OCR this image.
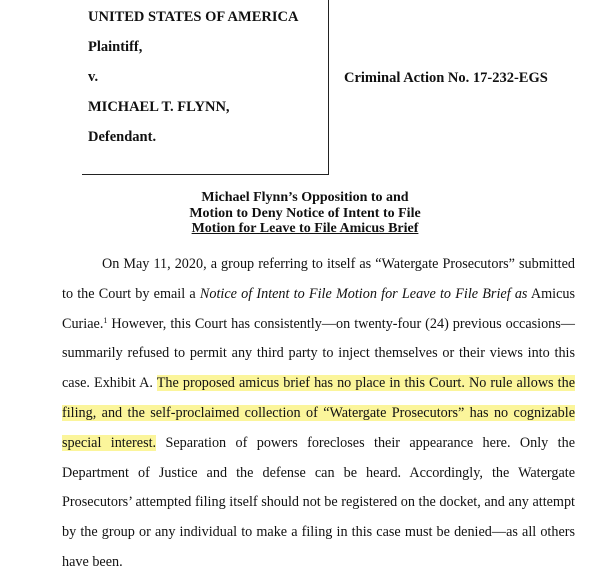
UNITED STATES OF AMERICA
Plaintiff,
v.
MICHAEL T. FLYNN,
Defendant.
Criminal Action No. 17-232-EGS
Michael Flynn’s Opposition to and
Motion to Deny Notice of Intent to File
Motion for Leave to File Amicus Brief

On May 11, 2020, a group referring to itself as “Watergate Prosecutors” submitted to the Court by email a Notice of Intent to File Motion for Leave to File Brief as Amicus Curiae.$^1$ However, this Court has consistently—on twenty-four (24) previous occasions—summarily refused to permit any third party to inject themselves or their views into this case. Exhibit A. The proposed amicus brief has no place in this Court. No rule allows the filing, and the self-proclaimed collection of “Watergate Prosecutors” has no cognizable special interest. Separation of powers forecloses their appearance here. Only the Department of Justice and the defense can be heard. Accordingly, the Watergate Prosecutors’ attempted filing itself should not be registered on the docket, and any attempt by the group or any individual to make a filing in this case must be denied—as all others have been.
